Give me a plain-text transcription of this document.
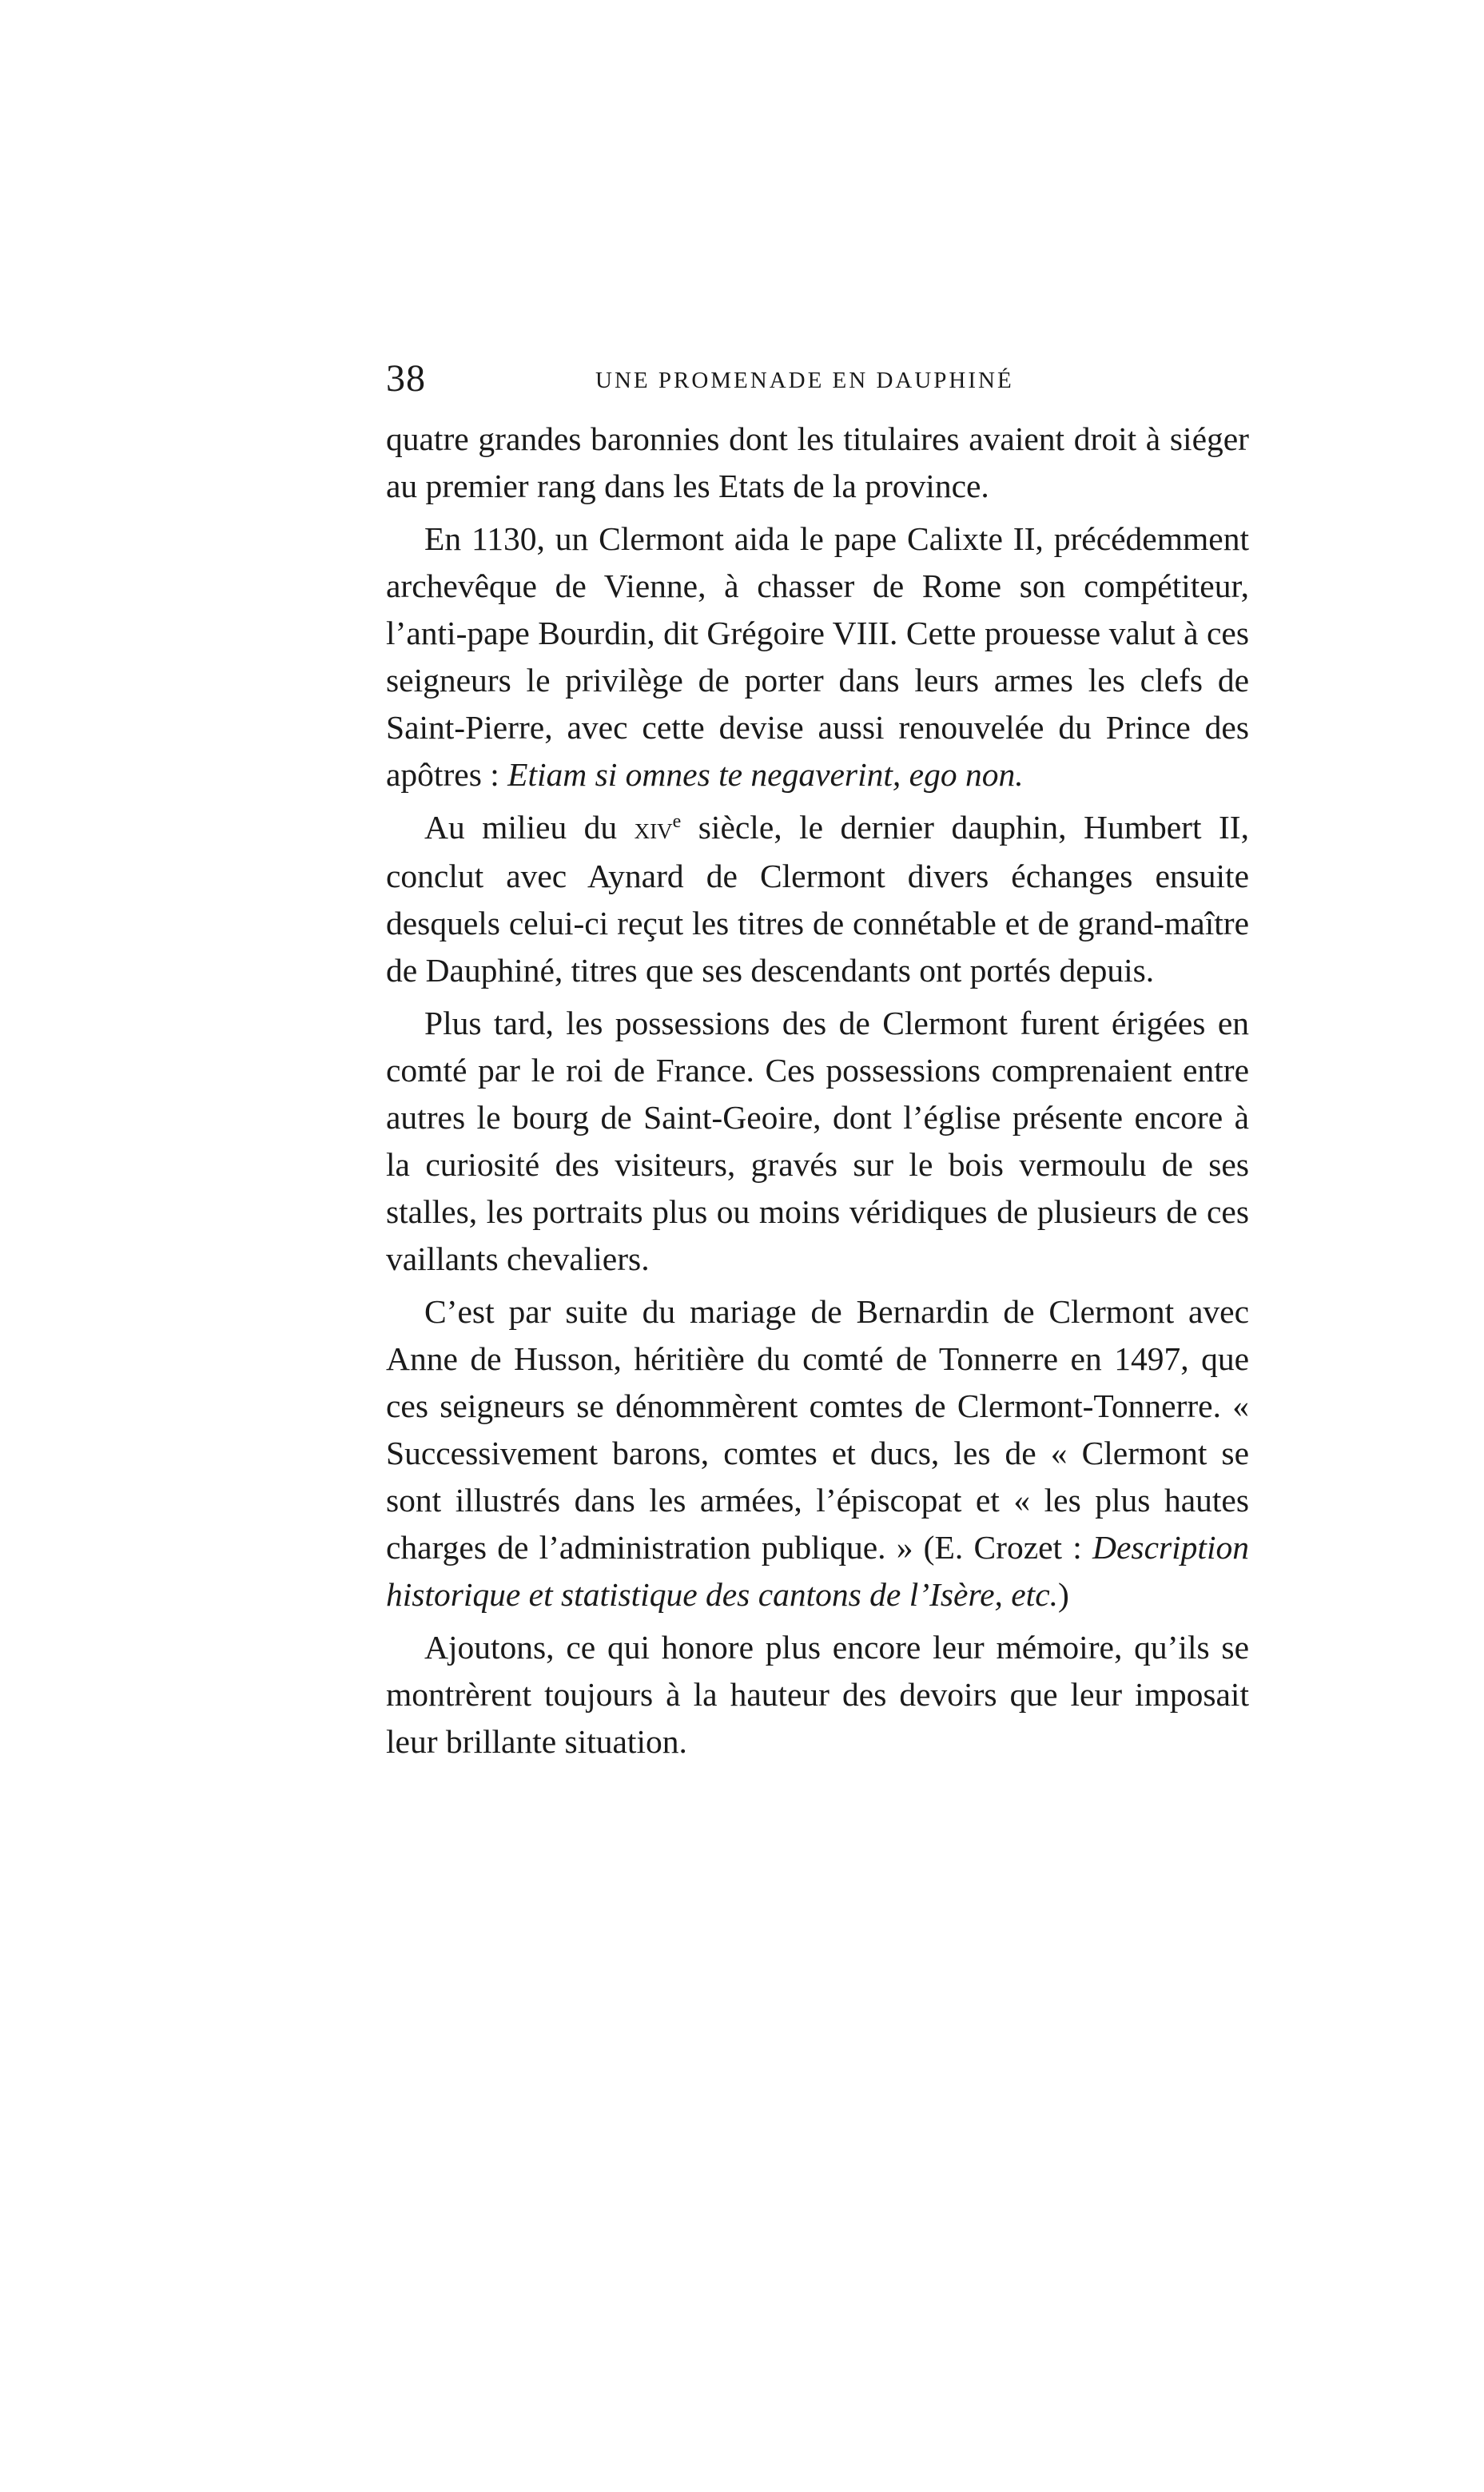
38	UNE PROMENADE EN DAUPHINÉ

quatre grandes baronnies dont les titulaires avaient droit à siéger au premier rang dans les Etats de la province.

En 1130, un Clermont aida le pape Calixte II, précédemment archevêque de Vienne, à chasser de Rome son compétiteur, l’anti-pape Bourdin, dit Grégoire VIII. Cette prouesse valut à ces seigneurs le privilège de porter dans leurs armes les clefs de Saint-Pierre, avec cette devise aussi renouvelée du Prince des apôtres : Etiam si omnes te negaverint, ego non.

Au milieu du xiv$^e$ siècle, le dernier dauphin, Humbert II, conclut avec Aynard de Clermont divers échanges ensuite desquels celui-ci reçut les titres de connétable et de grand-maître de Dauphiné, titres que ses descendants ont portés depuis.

Plus tard, les possessions des de Clermont furent érigées en comté par le roi de France. Ces possessions comprenaient entre autres le bourg de Saint-Geoire, dont l’église présente encore à la curiosité des visiteurs, gravés sur le bois vermoulu de ses stalles, les portraits plus ou moins véridiques de plusieurs de ces vaillants chevaliers.

C’est par suite du mariage de Bernardin de Clermont avec Anne de Husson, héritière du comté de Tonnerre en 1497, que ces seigneurs se dénommèrent comtes de Clermont-Tonnerre. « Successivement barons, comtes et ducs, les de « Clermont se sont illustrés dans les armées, l’épiscopat et « les plus hautes charges de l’administration publique. » (E. Crozet : Description historique et statistique des cantons de l’Isère, etc.)

Ajoutons, ce qui honore plus encore leur mémoire, qu’ils se montrèrent toujours à la hauteur des devoirs que leur imposait leur brillante situation.
